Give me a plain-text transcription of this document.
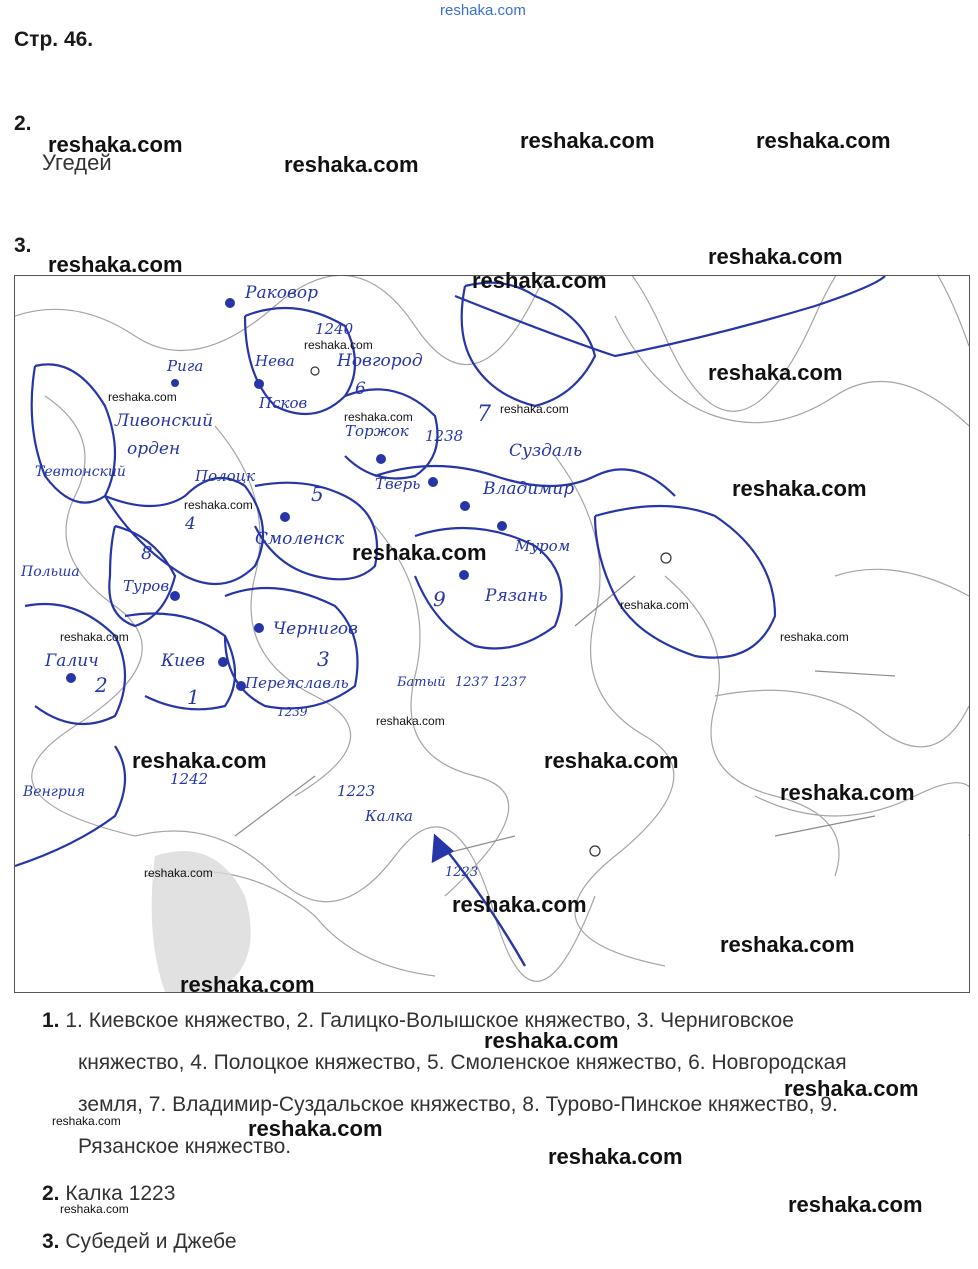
reshaka.com
Стр. 46.
2.
Угедей
3.
Раковор
1240
Нева Новгород
6
Рига
Ливонский
орден
Псков
Торжок 1238
7
Суздаль
Владимир
Тверь
Полоцк
4
5
Смоленск
Тевтонский
8
Туров
Муром
Рязань
9
Чернигов
3
Киев
1
Галич
2	Переяславль
1239
Польша
Венгрия
1242
1223
Калка
1237 1237
Батый
1223
1. 1. Киевское княжество, 2. Галицко-Волышское княжество, 3. Черниговское
княжество, 4. Полоцкое княжество, 5. Смоленское княжество, 6. Новгородская
земля, 7. Владимир-Суздальское княжество, 8. Турово-Пинское княжество, 9.
Рязанское княжество.
2. Калка 1223
3. Субедей и Джебе
reshaka.com
reshaka.com
reshaka.com	reshaka.com
reshaka.com	reshaka.com
reshaka.com
reshaka.com
reshaka.com
reshaka.com
reshaka.com	reshaka.com
reshaka.com
reshaka.com
reshaka.com
reshaka.com
reshaka.com
reshaka.com
reshaka.com
reshaka.com
reshaka.com
reshaka.com
reshaka.com
reshaka.com
reshaka.com
reshaka.com
reshaka.com
reshaka.com	reshaka.com
reshaka.com
reshaka.com
reshaka.com
reshaka.com
